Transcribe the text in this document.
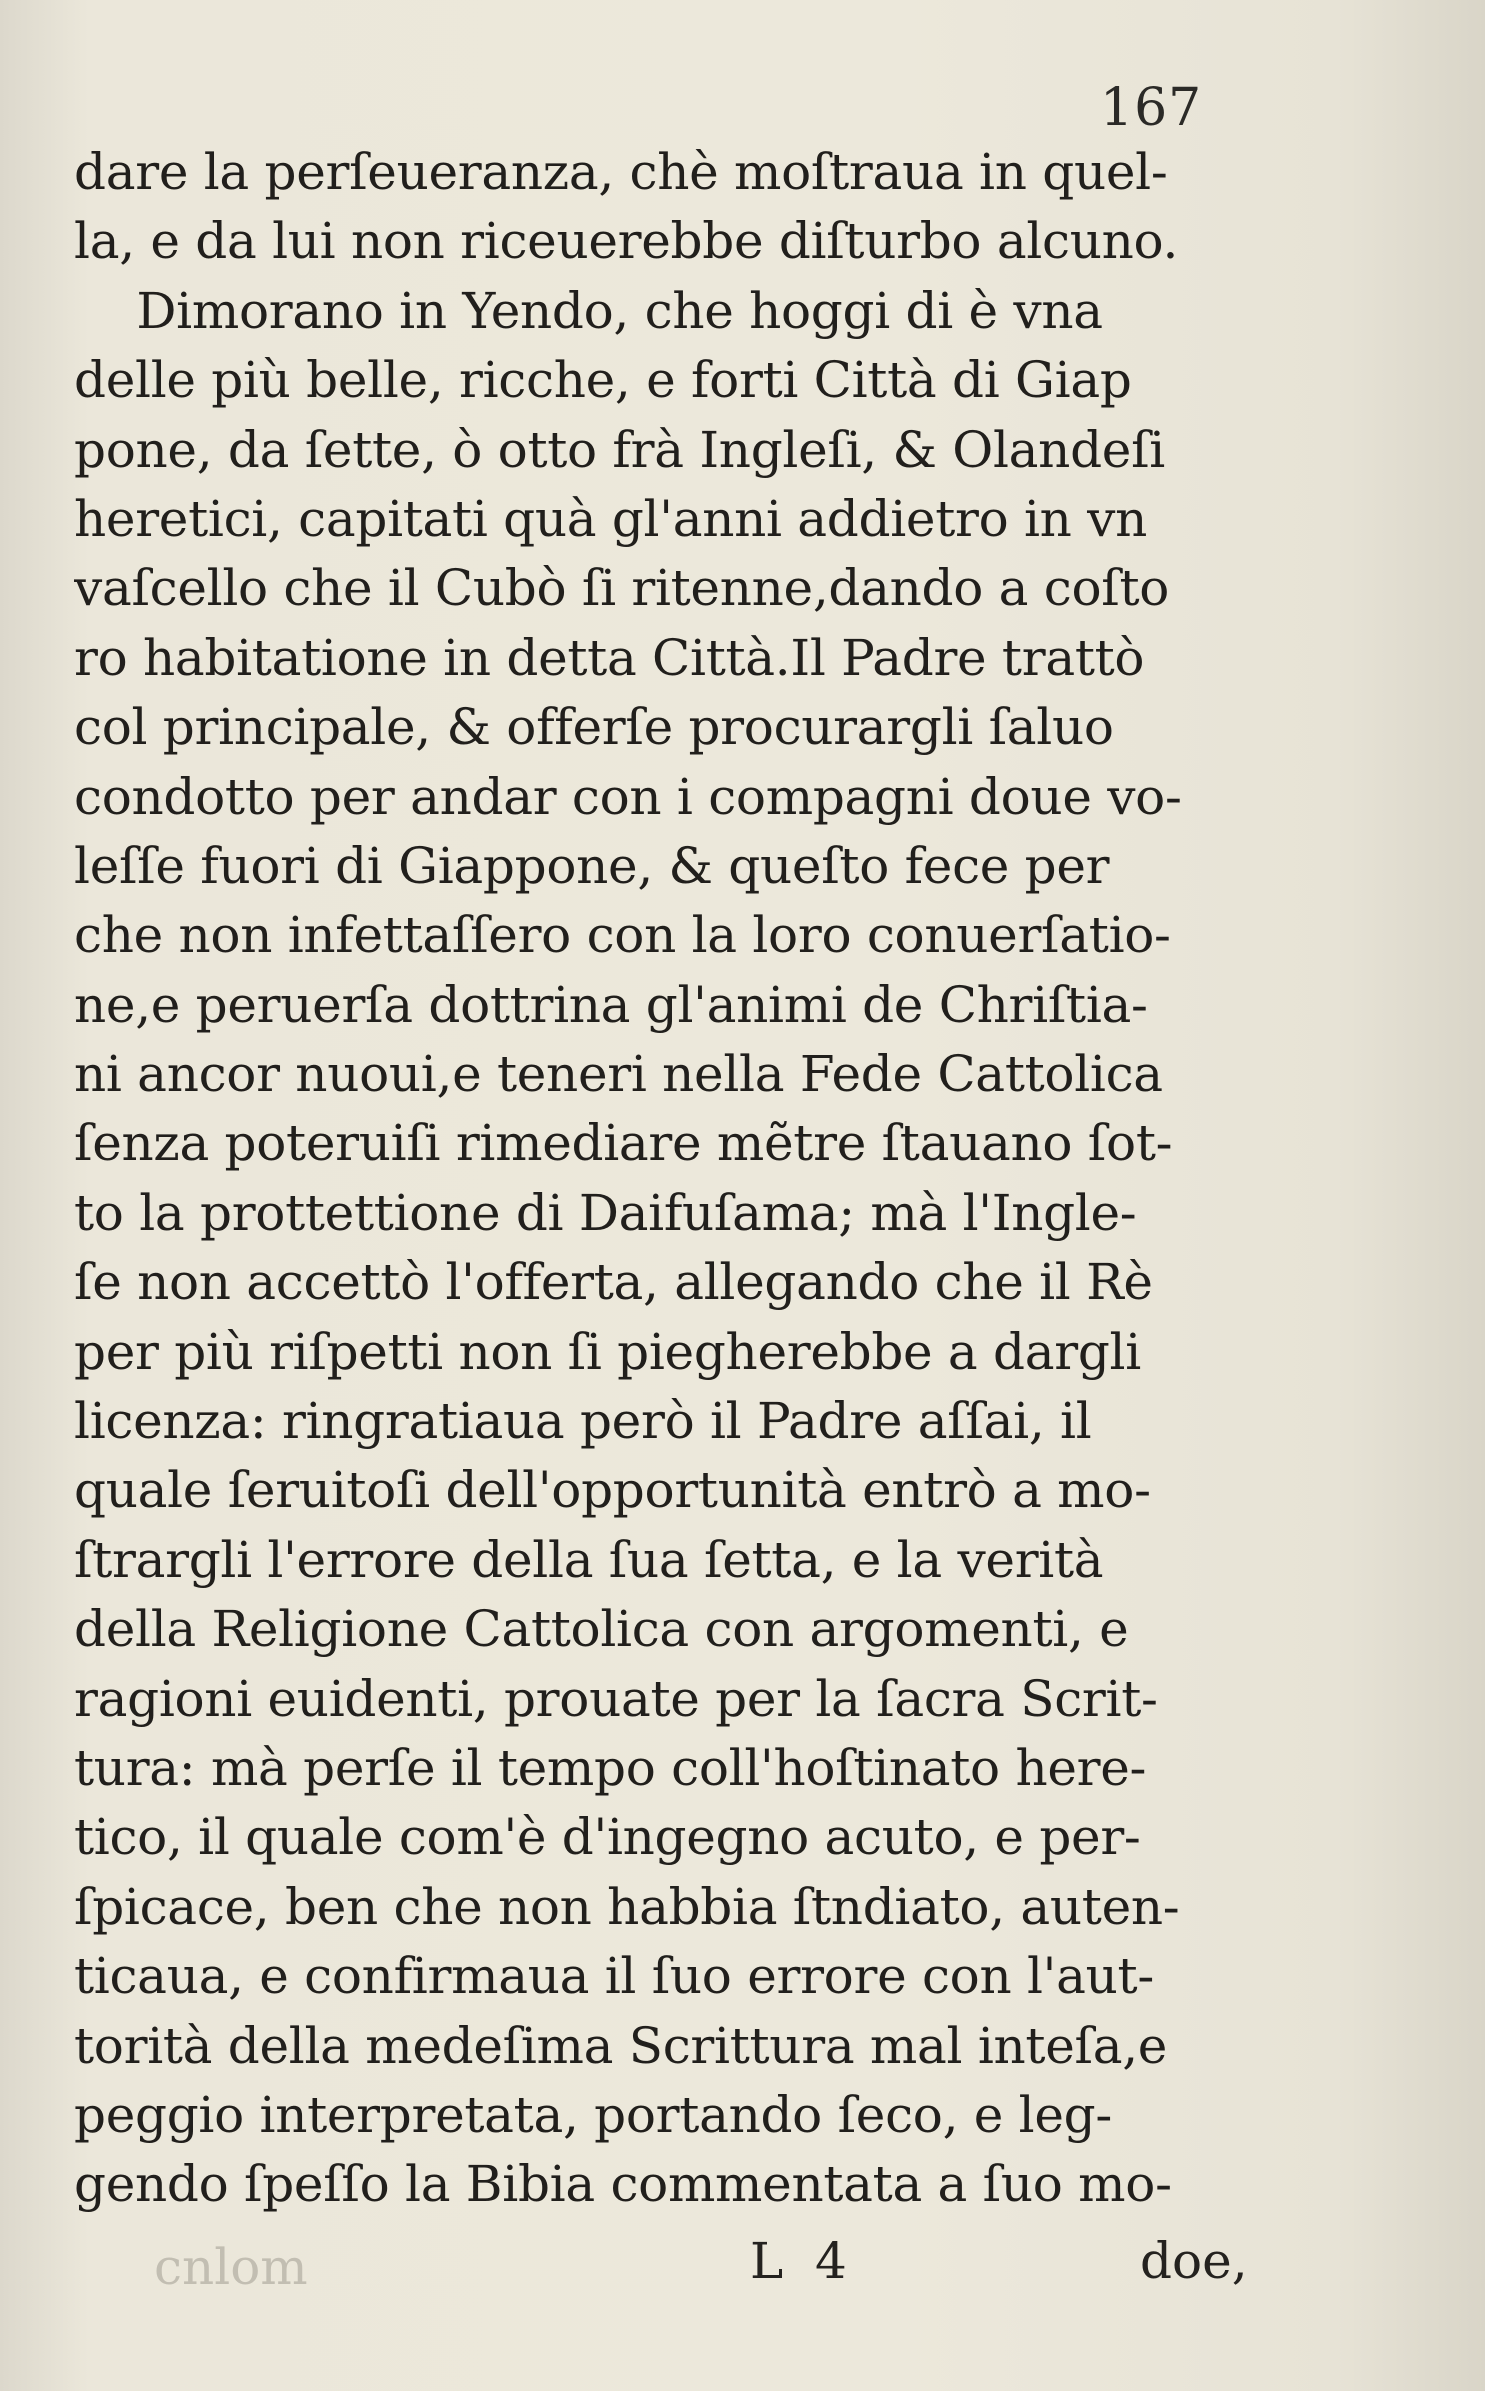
167
dare la perſeueranza, chè moſtraua in quel-
la, e da lui non riceuerebbe diſturbo alcuno.
Dimorano in Yendo, che hoggi di è vna
delle più belle, ricche, e forti Città di Giap
pone, da ſette, ò otto frà Ingleſi, & Olandeſi
heretici, capitati quà gl'anni addietro in vn
vaſcello che il Cubò ſi ritenne,dando a coſto
ro habitatione in detta Città.Il Padre trattò
col principale, & offerſe procurargli ſaluo
condotto per andar con i compagni doue vo-
leſſe fuori di Giappone, & queſto fece per
che non infettaſſero con la loro conuerſatio-
ne,e peruerſa dottrina gl'animi de Chriſtia-
ni ancor nuoui,e teneri nella Fede Cattolica
ſenza poteruiſi rimediare mẽtre ſtauano ſot-
to la prottettione di Daifuſama; mà l'Ingle-
ſe non accettò l'offerta, allegando che il Rè
per più riſpetti non ſi piegherebbe a dargli
licenza: ringratiaua però il Padre aſſai, il
quale ſeruitoſi dell'opportunità entrò a mo-
ſtrargli l'errore della ſua ſetta, e la verità
della Religione Cattolica con argomenti, e
ragioni euidenti, prouate per la ſacra Scrit-
tura: mà perſe il tempo coll'hoſtinato here-
tico, il quale com'è d'ingegno acuto, e per-
ſpicace, ben che non habbia ſtndiato, auten-
ticaua, e confirmaua il ſuo errore con l'aut-
torità della medeſima Scrittura mal inteſa,e
peggio interpretata, portando ſeco, e leg-
gendo ſpeſſo la Bibia commentata a ſuo mo-
cnlom	L  4	doe,
